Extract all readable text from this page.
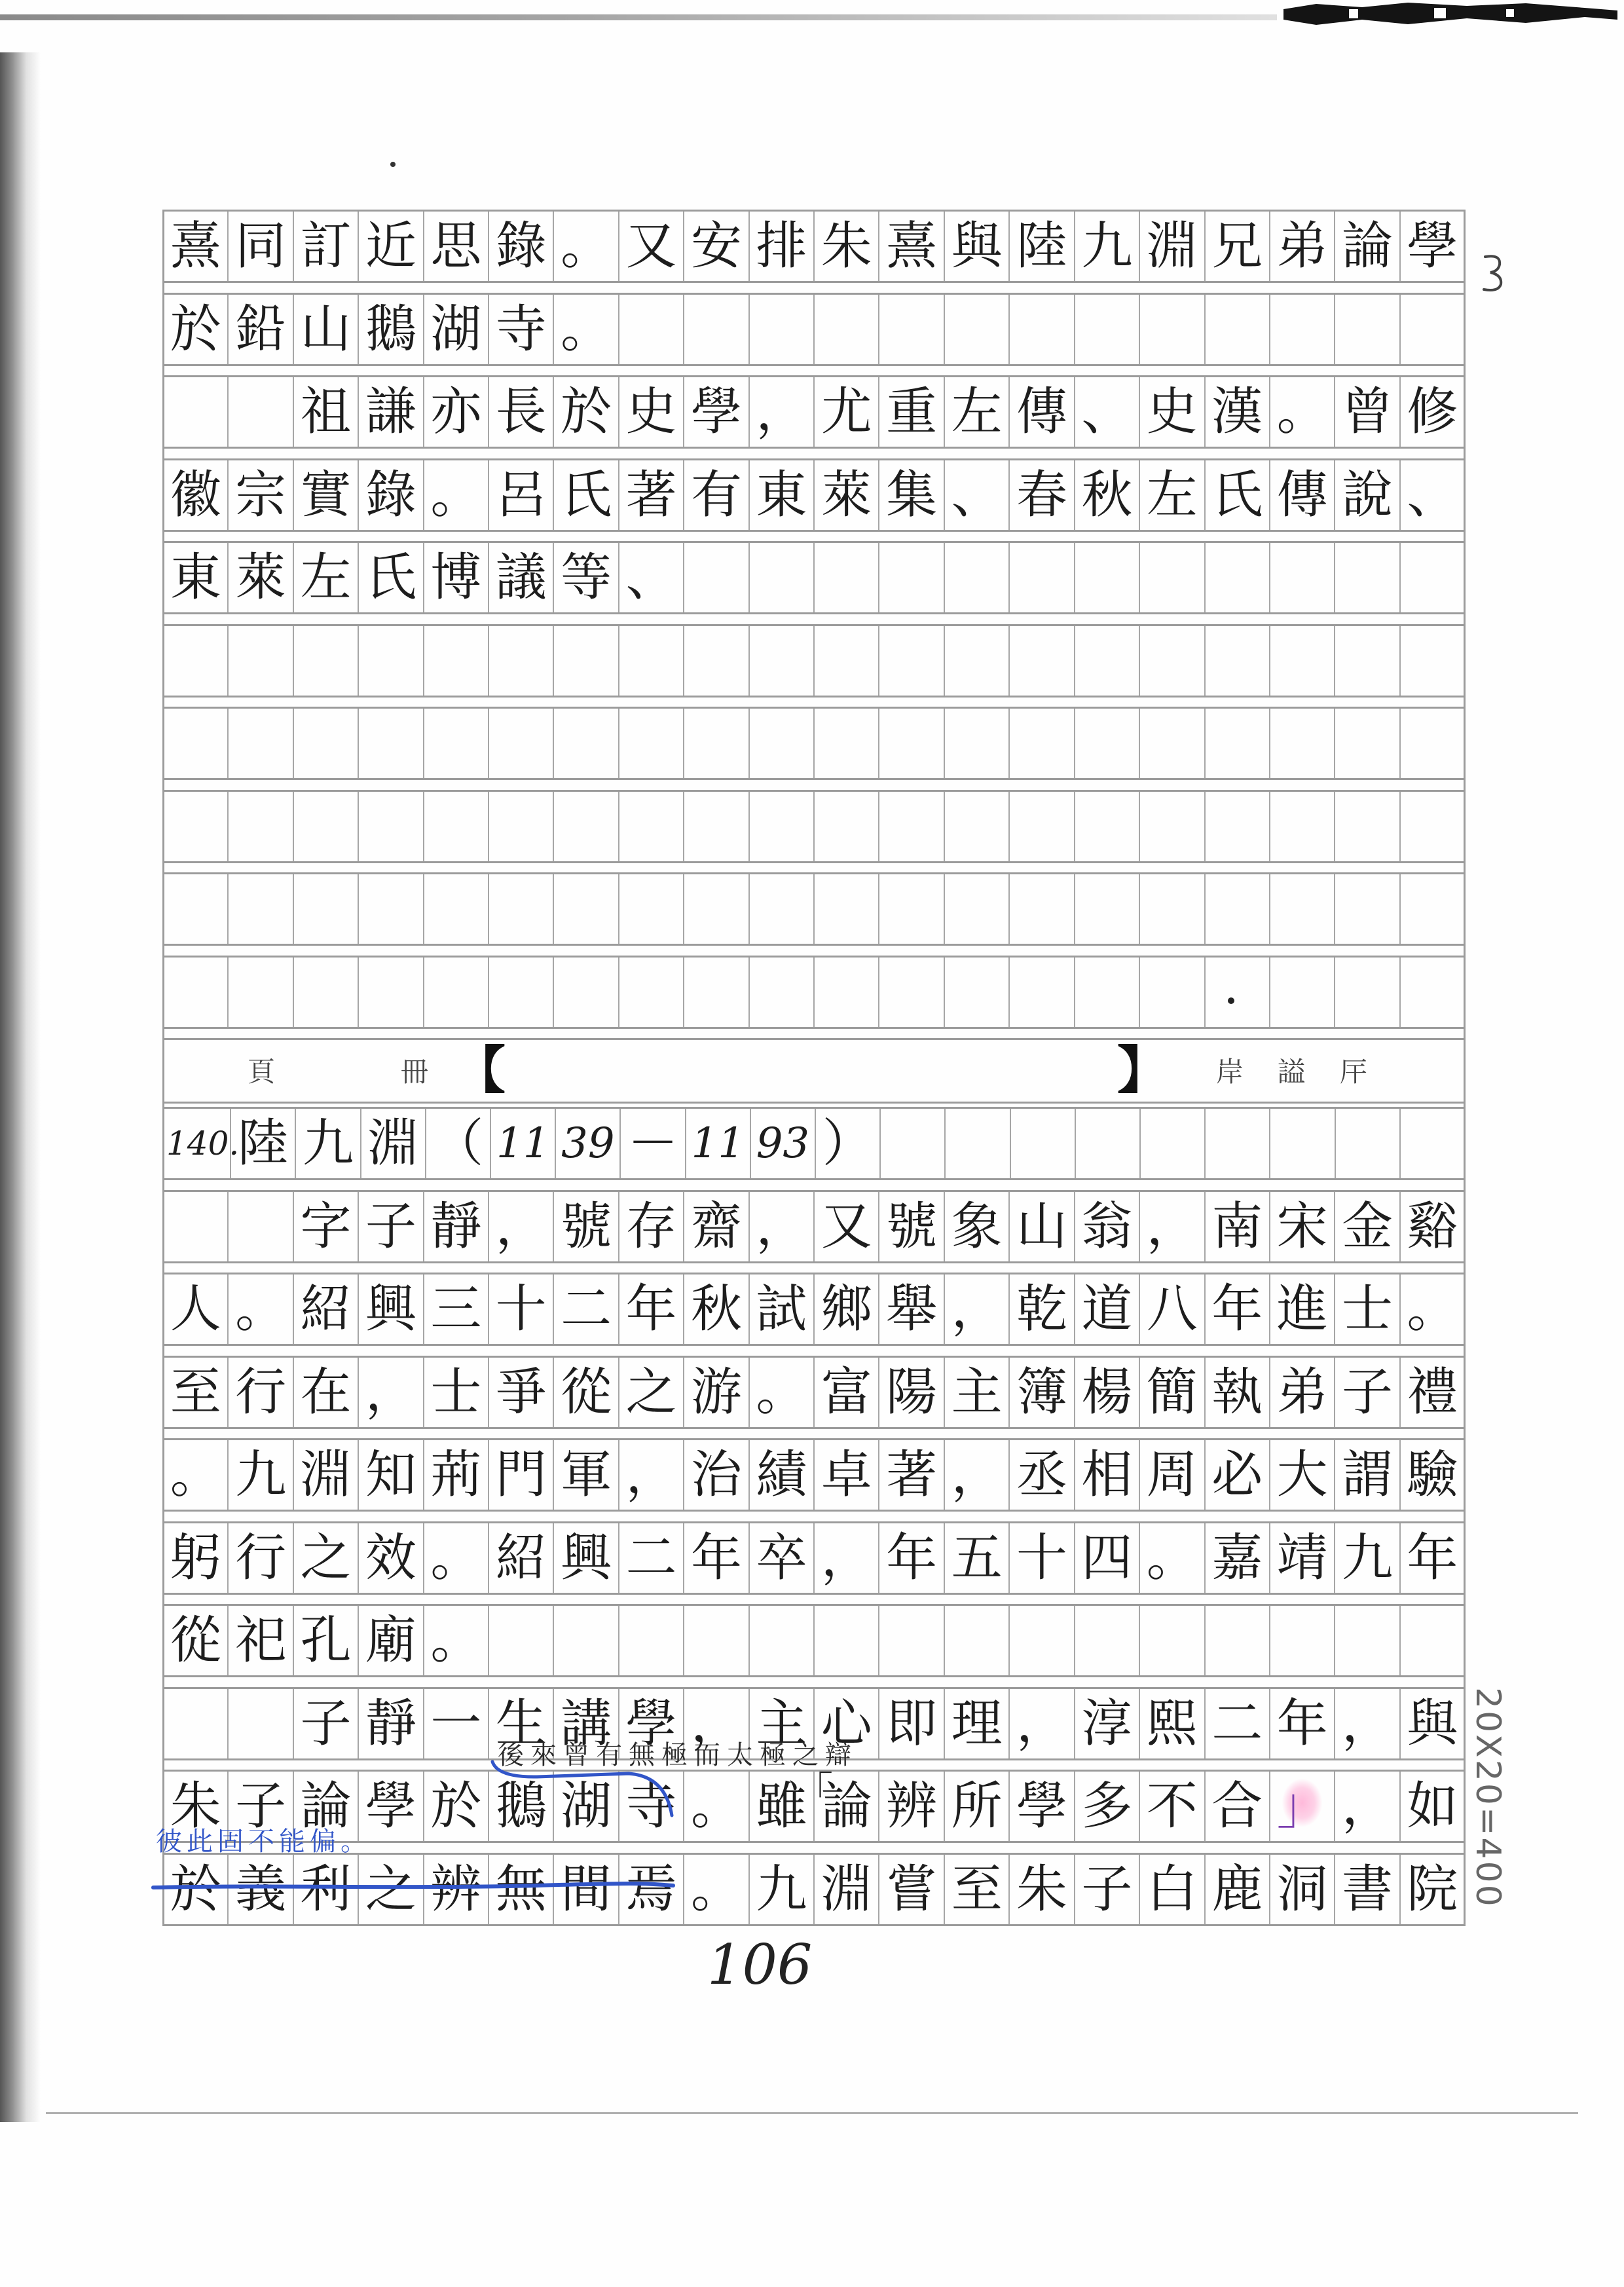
熹 同 訂 近 思 錄 。 又 安 排 朱 熹 與 陸 九 淵 兄 弟 論 學
於 鉛 山 鵝 湖 寺 。
祖 謙 亦 長 於 史 學 ， 尤 重 左 傳 、 史 漢 。 曾 修
徽 宗 實 錄 。 呂 氏 著 有 東 萊 集 、 春 秋 左 氏 傳 說 、
東 萊 左 氏 博 議 等 、
140.
陸 九 淵 （ 11 39 － 11 93 ）
字 子 靜 ， 號 存 齋 ， 又 號 象 山 翁 ， 南 宋 金 谿
人 。 紹 興 三 十 二 年 秋 試 鄉 舉 ， 乾 道 八 年 進 士 。
至 行 在 ， 士 爭 從 之 游 。 富 陽 主 簿 楊 簡 執 弟 子 禮
。 九 淵 知 荊 門 軍 ， 治 績 卓 著 ， 丞 相 周 必 大 謂 驗
躬 行 之 效 。 紹 興 二 年 卒 ， 年 五 十 四 。 嘉 靖 九 年
從 祀 孔 廟 。
子 靜 一 生 講 學 ， 主 心 即 理 ， 淳 熙 二 年 ， 與
朱 子 論 學 於 鵝 湖 寺 。 雖 論 辨 所 學 多 不 合 」 ， 如
於 義 利 之 辨 無 間 焉 。 九 淵 嘗 至 朱 子 白 鹿 洞 書 院
頁	冊 【	】 岸 謚 厈
後來曾有無極而太極之辯
彼此固不能偏。
「
106
20X20=400
